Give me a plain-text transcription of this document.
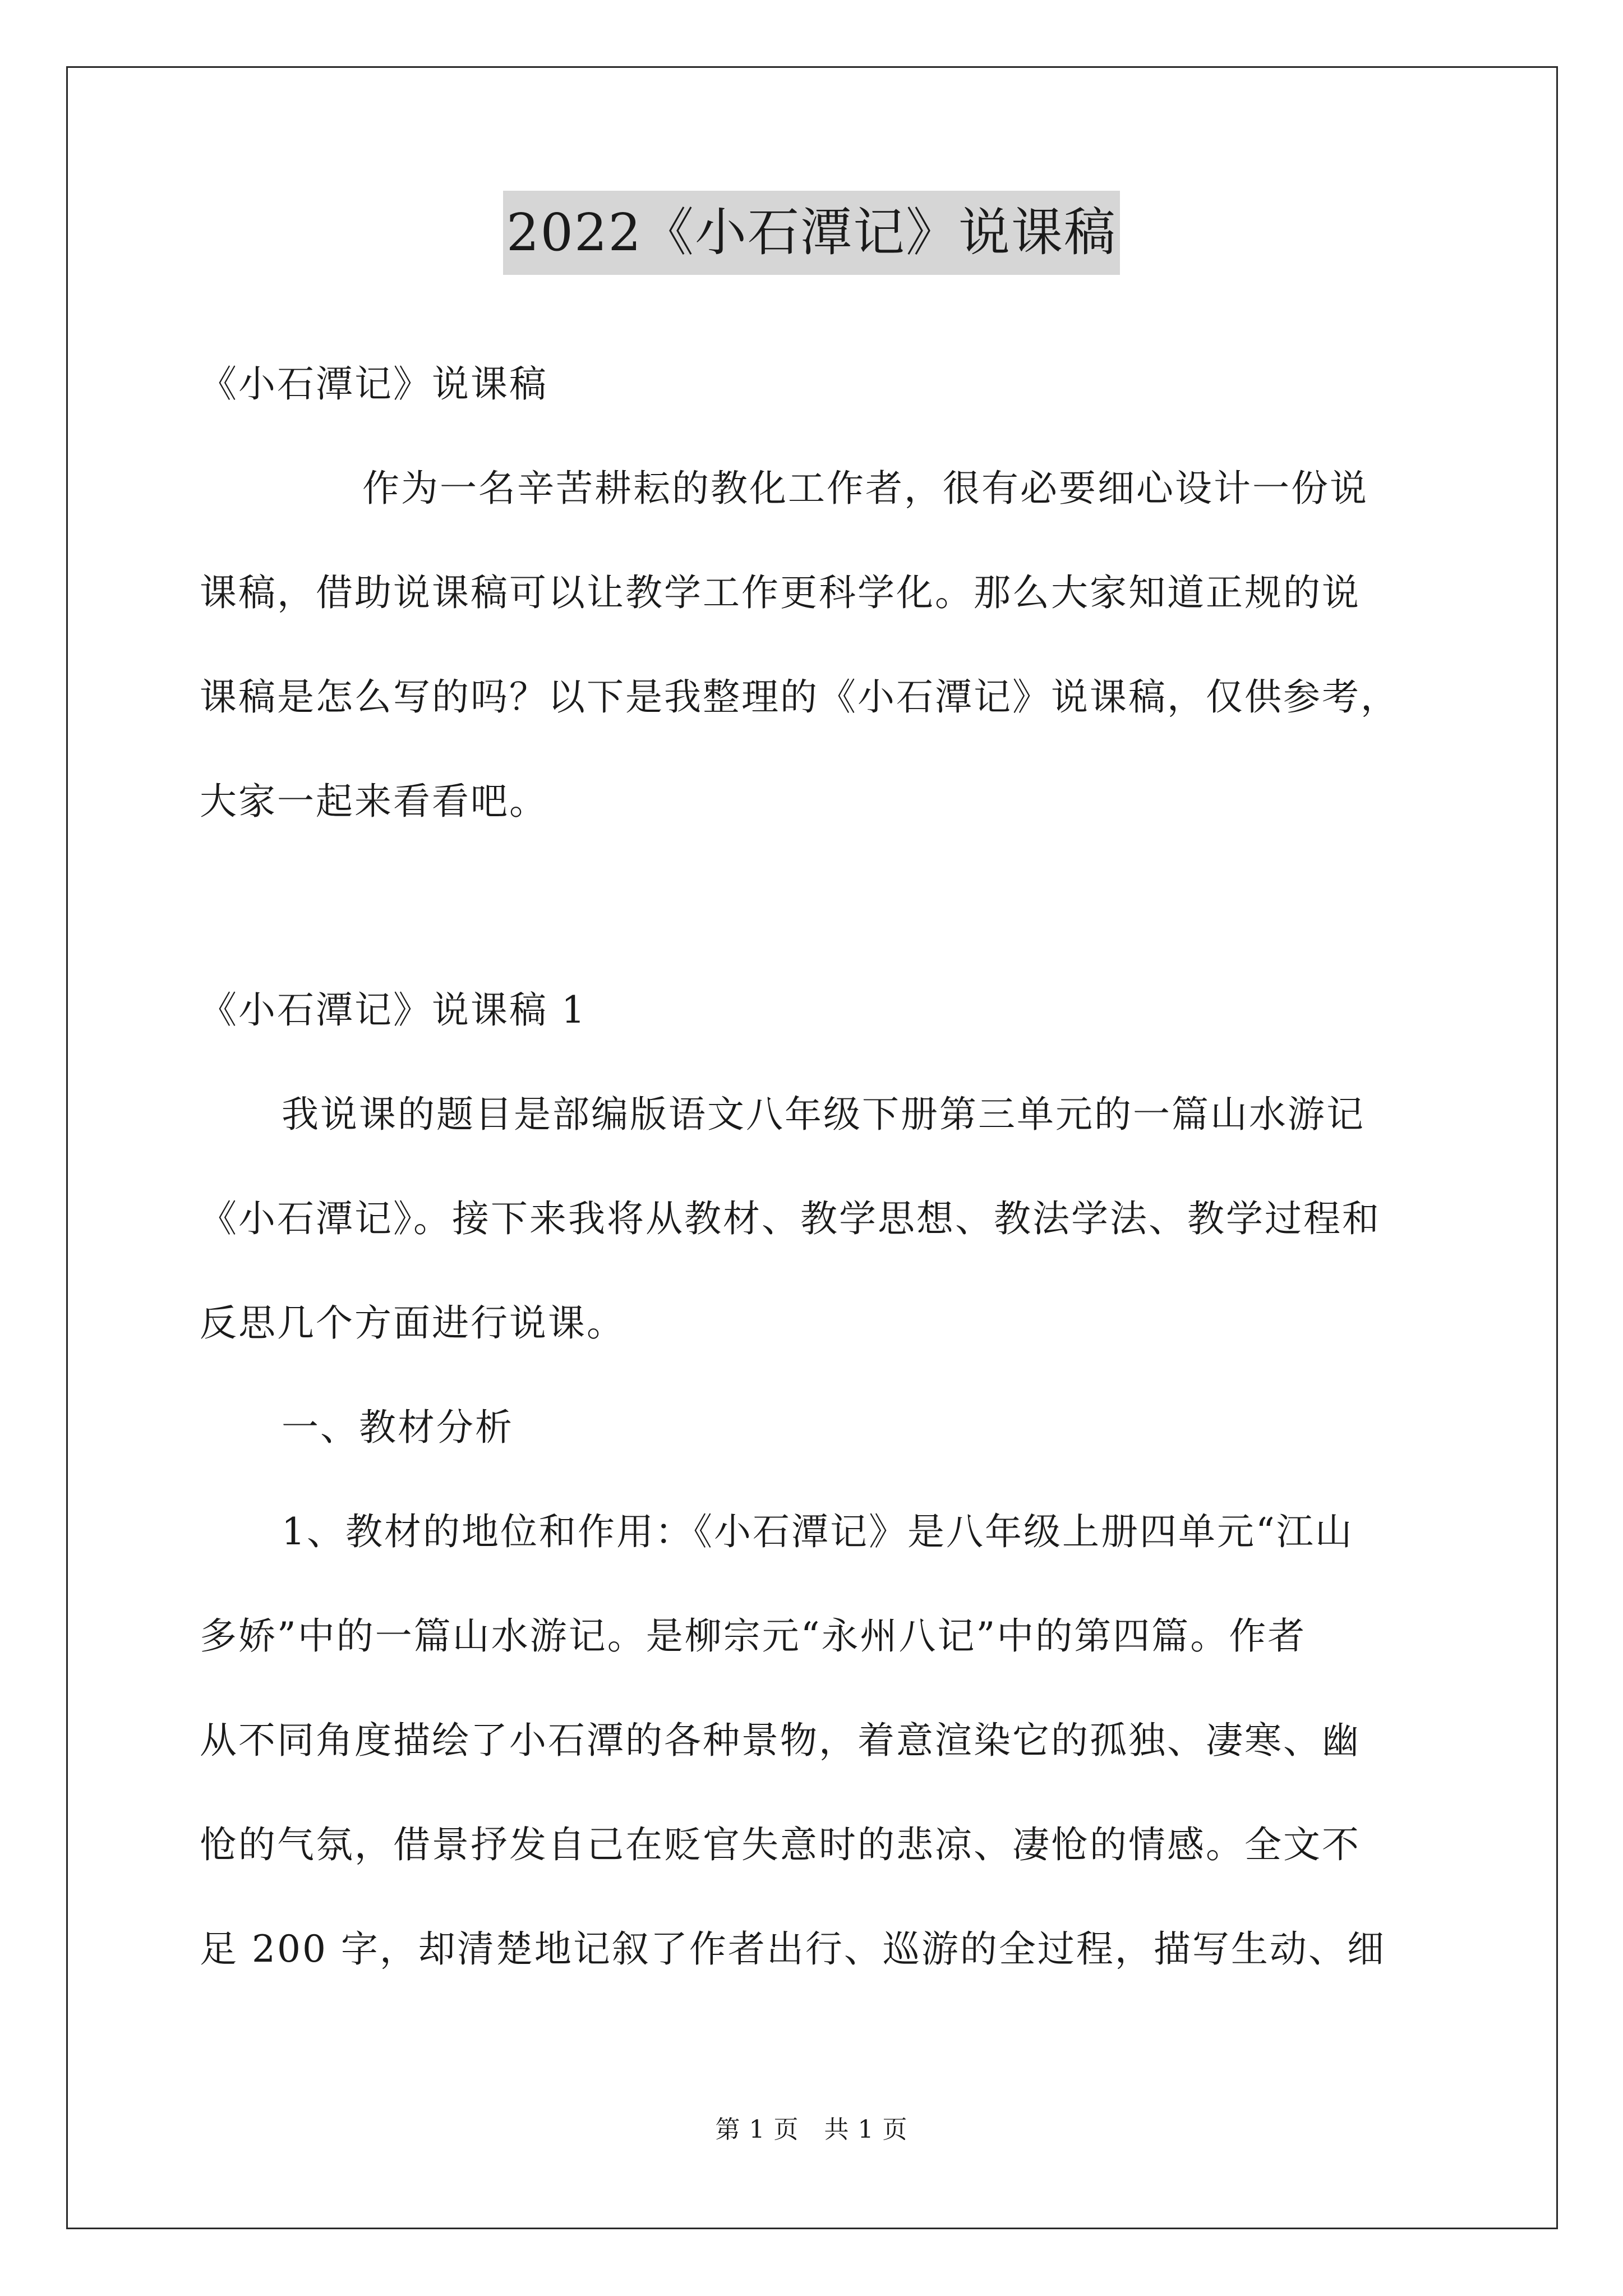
2022《小石潭记》说课稿
《小石潭记》说课稿
作为一名辛苦耕耘的教化工作者，很有必要细心设计一份说
课稿，借助说课稿可以让教学工作更科学化。那么大家知道正规的说
课稿是怎么写的吗？以下是我整理的《小石潭记》说课稿，仅供参考，
大家一起来看看吧。
《小石潭记》说课稿 1
我说课的题目是部编版语文八年级下册第三单元的一篇山水游记
《小石潭记》。接下来我将从教材、教学思想、教法学法、教学过程和
反思几个方面进行说课。
一、教材分析
1、教材的地位和作用：《小石潭记》是八年级上册四单元“江山
多娇”中的一篇山水游记。是柳宗元“永州八记”中的第四篇。作者
从不同角度描绘了小石潭的各种景物，着意渲染它的孤独、凄寒、幽
怆的气氛，借景抒发自己在贬官失意时的悲凉、凄怆的情感。全文不
足 200 字，却清楚地记叙了作者出行、巡游的全过程，描写生动、细
第 1 页　共 1 页
